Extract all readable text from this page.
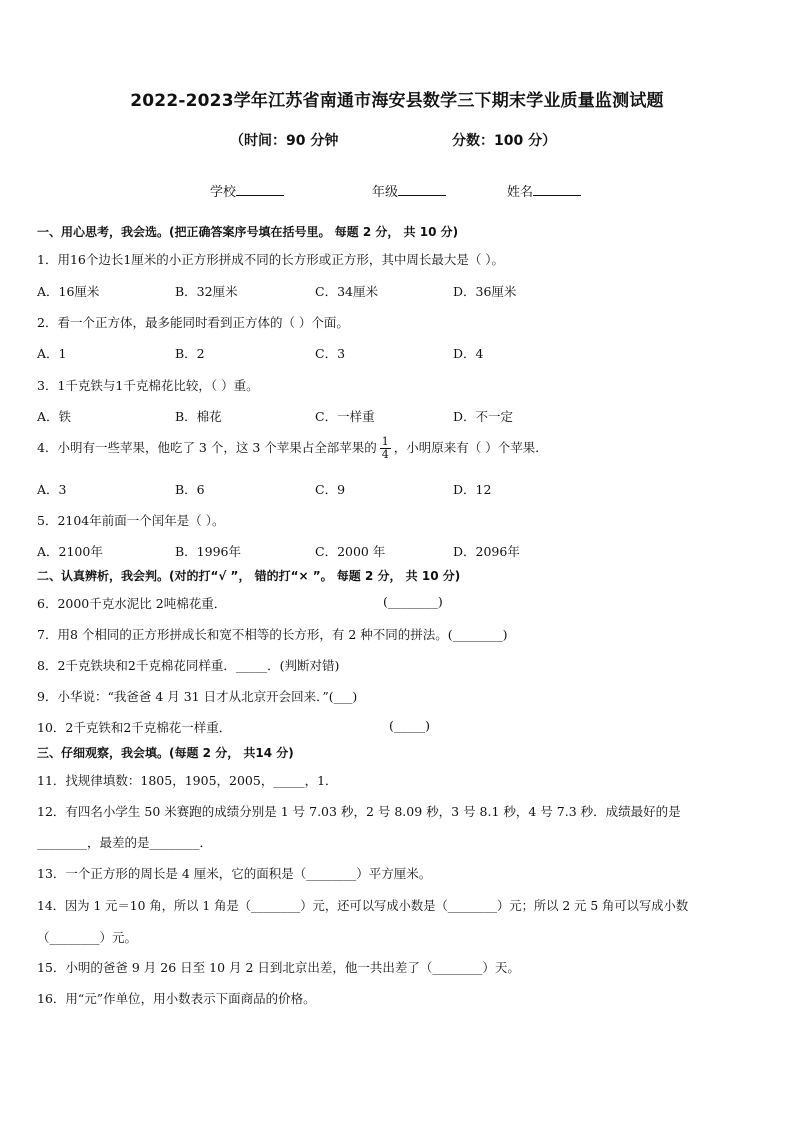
2022-2023学年江苏省南通市海安县数学三下期末学业质量监测试题
（时间：90 分钟	分数：100 分）
学校	年级	姓名
一、用心思考，我会选。(把正确答案序号填在括号里。 每题 2 分， 共 10 分)
1．用16个边长1厘米的小正方形拼成不同的长方形或正方形，其中周长最大是（ ）。
A．16厘米	B．32厘米	C．34厘米	D．36厘米
2．看一个正方体，最多能同时看到正方体的（ ）个面。
A．1	B．2	C．3	D．4
3．1千克铁与1千克棉花比较，（ ）重。
A．铁	B．棉花	C．一样重	D．不一定
4．小明有一些苹果，他吃了 3 个，这 3 个苹果占全部苹果的 $\frac{1}{4}$ ，小明原来有（ ）个苹果．
A．3	B．6	C．9	D．12
5．2104年前面一个闰年是（ ）。
A．2100年	B．1996年	C．2000 年	D．2096年
二、认真辨析，我会判。(对的打“√ ”， 错的打“× ”。 每题 2 分， 共 10 分)
6．2000千克水泥比 2吨棉花重．	(________)
7．用8 个相同的正方形拼成长和宽不相等的长方形，有 2 种不同的拼法。(________)
8．2千克铁块和2千克棉花同样重．_____．(判断对错)
9．小华说：“我爸爸 4 月 31 日才从北京开会回来．”(___)
10．2千克铁和2千克棉花一样重．	(_____)
三、仔细观察，我会填。(每题 2 分， 共14 分)
11．找规律填数：1805，1905，2005，_____，1．
12．有四名小学生 50 米赛跑的成绩分别是 1 号 7.03 秒，2 号 8.09 秒，3 号 8.1 秒，4 号 7.3 秒．成绩最好的是
________，最差的是________．
13．一个正方形的周长是 4 厘米，它的面积是（________）平方厘米。
14．因为 1 元＝10 角，所以 1 角是（________）元，还可以写成小数是（________）元；所以 2 元 5 角可以写成小数
（________）元。
15．小明的爸爸 9 月 26 日至 10 月 2 日到北京出差，他一共出差了（________）天。
16．用“元”作单位，用小数表示下面商品的价格。
